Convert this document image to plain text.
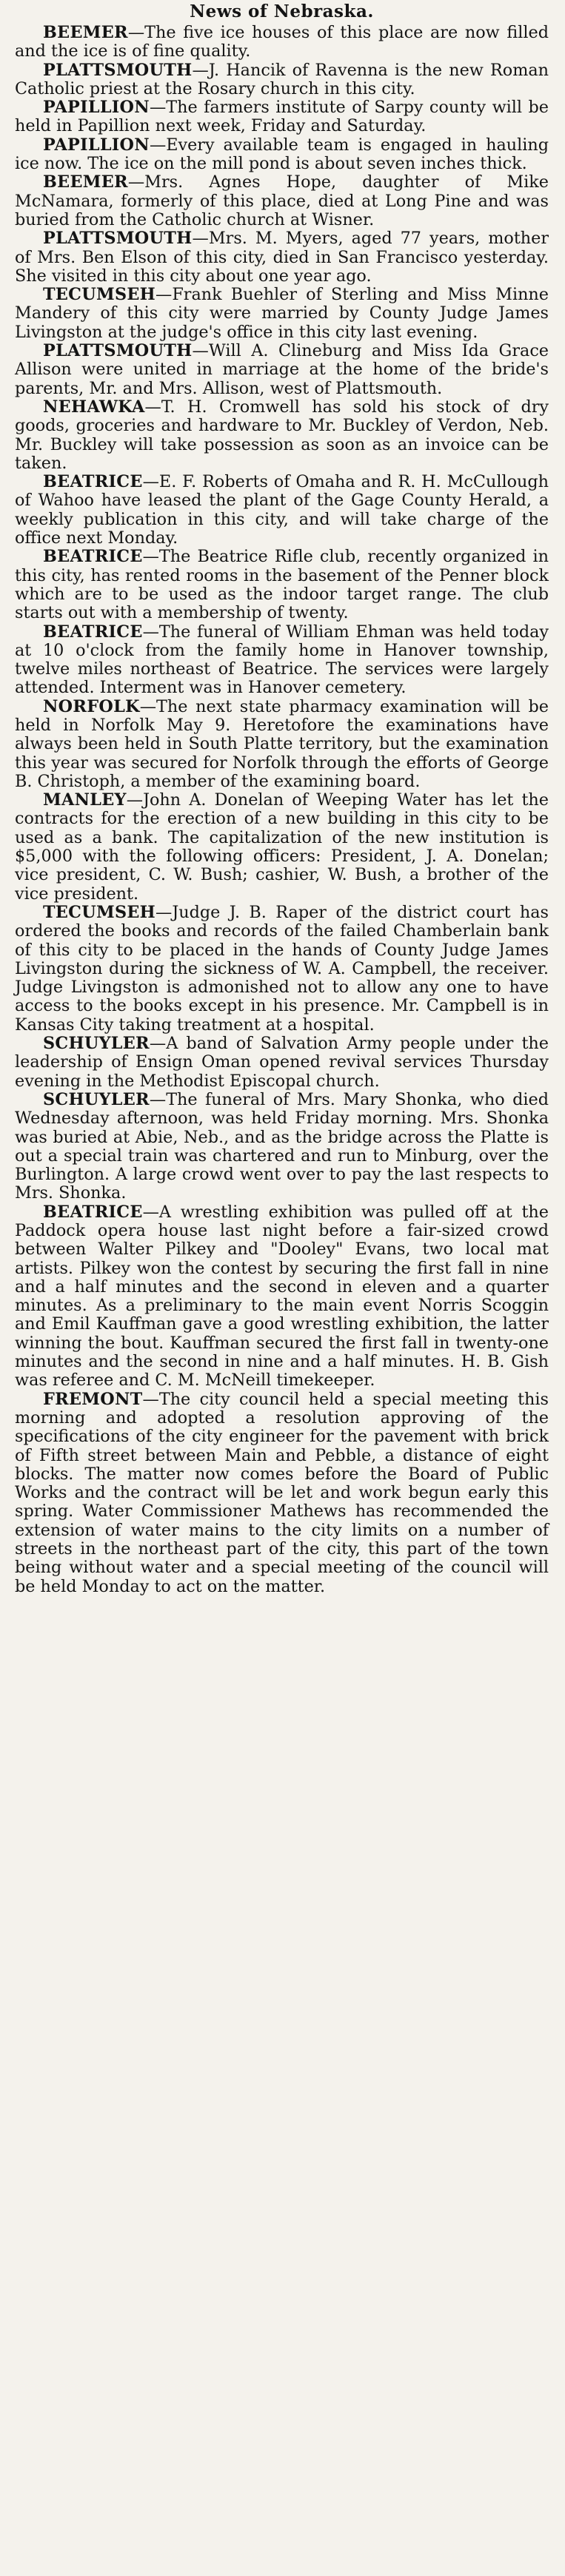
News of Nebraska.

BEEMER—The five ice houses of this place are now filled and the ice is of fine quality.

PLATTSMOUTH—J. Hancik of Ravenna is the new Roman Catholic priest at the Rosary church in this city.

PAPILLION—The farmers institute of Sarpy county will be held in Papillion next week, Friday and Saturday.

PAPILLION—Every available team is engaged in hauling ice now. The ice on the mill pond is about seven inches thick.

BEEMER—Mrs. Agnes Hope, daughter of Mike McNamara, formerly of this place, died at Long Pine and was buried from the Catholic church at Wisner.

PLATTSMOUTH—Mrs. M. Myers, aged 77 years, mother of Mrs. Ben Elson of this city, died in San Francisco yesterday. She visited in this city about one year ago.

TECUMSEH—Frank Buehler of Sterling and Miss Minne Mandery of this city were married by County Judge James Livingston at the judge's office in this city last evening.

PLATTSMOUTH—Will A. Clineburg and Miss Ida Grace Allison were united in marriage at the home of the bride's parents, Mr. and Mrs. Allison, west of Plattsmouth.

NEHAWKA—T. H. Cromwell has sold his stock of dry goods, groceries and hardware to Mr. Buckley of Verdon, Neb. Mr. Buckley will take possession as soon as an invoice can be taken.

BEATRICE—E. F. Roberts of Omaha and R. H. McCullough of Wahoo have leased the plant of the Gage County Herald, a weekly publication in this city, and will take charge of the office next Monday.

BEATRICE—The Beatrice Rifle club, recently organized in this city, has rented rooms in the basement of the Penner block which are to be used as the indoor target range. The club starts out with a membership of twenty.

BEATRICE—The funeral of William Ehman was held today at 10 o'clock from the family home in Hanover township, twelve miles northeast of Beatrice. The services were largely attended. Interment was in Hanover cemetery.

NORFOLK—The next state pharmacy examination will be held in Norfolk May 9. Heretofore the examinations have always been held in South Platte territory, but the examination this year was secured for Norfolk through the efforts of George B. Christoph, a member of the examining board.

MANLEY—John A. Donelan of Weeping Water has let the contracts for the erection of a new building in this city to be used as a bank. The capitalization of the new institution is $5,000 with the following officers: President, J. A. Donelan; vice president, C. W. Bush; cashier, W. Bush, a brother of the vice president.

TECUMSEH—Judge J. B. Raper of the district court has ordered the books and records of the failed Chamberlain bank of this city to be placed in the hands of County Judge James Livingston during the sickness of W. A. Campbell, the receiver. Judge Livingston is admonished not to allow any one to have access to the books except in his presence. Mr. Campbell is in Kansas City taking treatment at a hospital.

SCHUYLER—A band of Salvation Army people under the leadership of Ensign Oman opened revival services Thursday evening in the Methodist Episcopal church.

SCHUYLER—The funeral of Mrs. Mary Shonka, who died Wednesday afternoon, was held Friday morning. Mrs. Shonka was buried at Abie, Neb., and as the bridge across the Platte is out a special train was chartered and run to Minburg, over the Burlington. A large crowd went over to pay the last respects to Mrs. Shonka.

BEATRICE—A wrestling exhibition was pulled off at the Paddock opera house last night before a fair-sized crowd between Walter Pilkey and "Dooley" Evans, two local mat artists. Pilkey won the contest by securing the first fall in nine and a half minutes and the second in eleven and a quarter minutes. As a preliminary to the main event Norris Scoggin and Emil Kauffman gave a good wrestling exhibition, the latter winning the bout. Kauffman secured the first fall in twenty-one minutes and the second in nine and a half minutes. H. B. Gish was referee and C. M. McNeill timekeeper.

FREMONT—The city council held a special meeting this morning and adopted a resolution approving of the specifications of the city engineer for the pavement with brick of Fifth street between Main and Pebble, a distance of eight blocks. The matter now comes before the Board of Public Works and the contract will be let and work begun early this spring. Water Commissioner Mathews has recommended the extension of water mains to the city limits on a number of streets in the northeast part of the city, this part of the town being without water and a special meeting of the council will be held Monday to act on the matter.
